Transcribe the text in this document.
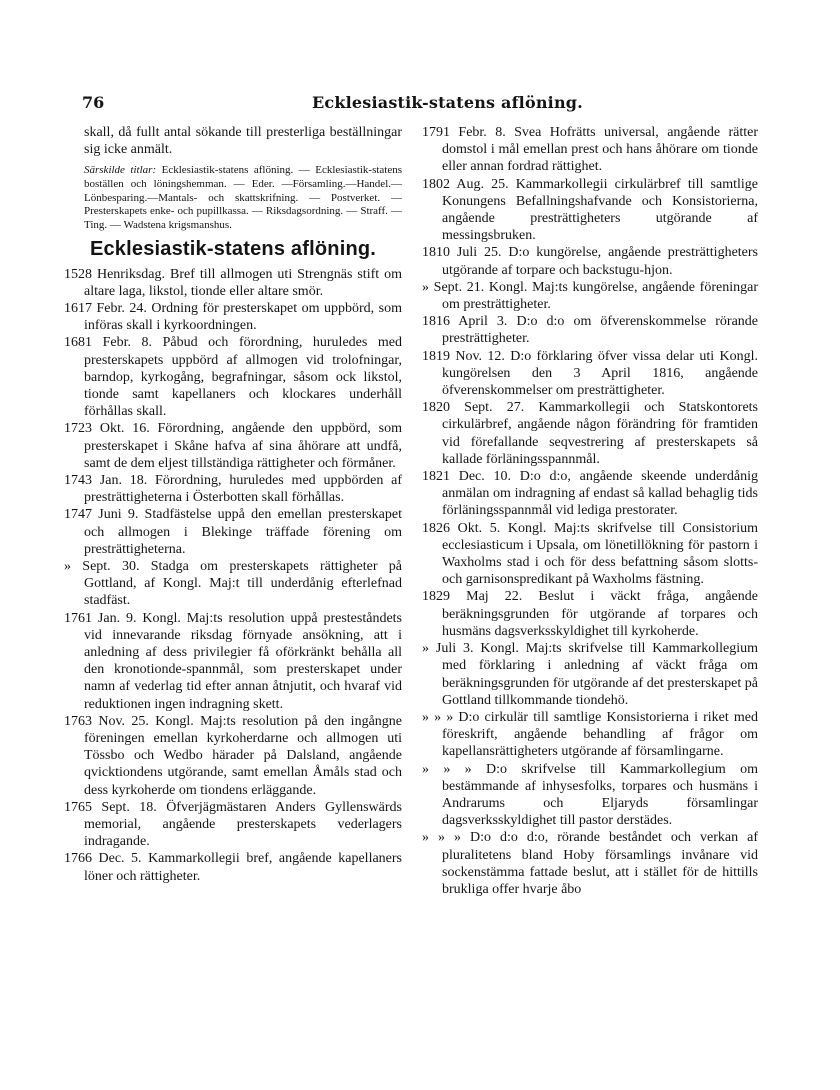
76	Ecklesiastik-statens aflöning.

skall, då fullt antal sökande till presterliga beställningar sig icke anmält.

Särskilde titlar: Ecklesiastik-statens aflöning. — Ecklesiastik-statens boställen och löningshemman. — Eder. —Församling.—Handel.—Lönbesparing.—Mantals- och skattskrifning. — Postverket. — Presterskapets enke- och pupillkassa. — Riksdagsordning. — Straff. — Ting. — Wadstena krigsmanshus.

Ecklesiastik-statens aflöning.

1528 Henriksdag. Bref till allmogen uti Strengnäs stift om altare laga, likstol, tionde eller altare smör.

1617 Febr. 24. Ordning för presterskapet om uppbörd, som införas skall i kyrkoordningen.

1681 Febr. 8. Påbud och förordning, huruledes med presterskapets uppbörd af allmogen vid trolofningar, barndop, kyrkogång, begrafningar, såsom ock likstol, tionde samt kapellaners och klockares underhåll förhållas skall.

1723 Okt. 16. Förordning, angående den uppbörd, som presterskapet i Skåne hafva af sina åhörare att undfå, samt de dem eljest tillständiga rättigheter och förmåner.

1743 Jan. 18. Förordning, huruledes med uppbörden af presträttigheterna i Österbotten skall förhållas.

1747 Juni 9. Stadfästelse uppå den emellan presterskapet och allmogen i Blekinge träffade förening om presträttigheterna.

» Sept. 30. Stadga om presterskapets rättigheter på Gottland, af Kongl. Maj:t till underdånig efterlefnad stadfäst.

1761 Jan. 9. Kongl. Maj:ts resolution uppå presteståndets vid innevarande riksdag förnyade ansökning, att i anledning af dess privilegier få oförkränkt behålla all den kronotionde-spannmål, som presterskapet under namn af vederlag tid efter annan åtnjutit, och hvaraf vid reduktionen ingen indragning skett.

1763 Nov. 25. Kongl. Maj:ts resolution på den ingångne föreningen emellan kyrkoherdarne och allmogen uti Tössbo och Wedbo härader på Dalsland, angående qvicktiondens utgörande, samt emellan Åmåls stad och dess kyrkoherde om tiondens erläggande.

1765 Sept. 18. Öfverjägmästaren Anders Gyllenswärds memorial, angående presterskapets vederlagers indragande.

1766 Dec. 5. Kammarkollegii bref, angående kapellaners löner och rättigheter.

1791 Febr. 8. Svea Hofrätts universal, angående rätter domstol i mål emellan prest och hans åhörare om tionde eller annan fordrad rättighet.

1802 Aug. 25. Kammarkollegii cirkulärbref till samtlige Konungens Befallningshafvande och Konsistorierna, angående presträttigheters utgörande af messingsbruken.

1810 Juli 25. D:o kungörelse, angående presträttigheters utgörande af torpare och backstugu-hjon.

» Sept. 21. Kongl. Maj:ts kungörelse, angående föreningar om presträttigheter.

1816 April 3. D:o d:o om öfverenskommelse rörande presträttigheter.

1819 Nov. 12. D:o förklaring öfver vissa delar uti Kongl. kungörelsen den 3 April 1816, angående öfverenskommelser om presträttigheter.

1820 Sept. 27. Kammarkollegii och Statskontorets cirkulärbref, angående någon förändring för framtiden vid förefallande seqvestrering af presterskapets så kallade förläningsspannmål.

1821 Dec. 10. D:o d:o, angående skeende underdånig anmälan om indragning af endast så kallad behaglig tids förläningsspannmål vid lediga prestorater.

1826 Okt. 5. Kongl. Maj:ts skrifvelse till Consistorium ecclesiasticum i Upsala, om lönetillökning för pastorn i Waxholms stad i och för dess befattning såsom slotts- och garnisonspredikant på Waxholms fästning.

1829 Maj 22. Beslut i väckt fråga, angående beräkningsgrunden för utgörande af torpares och husmäns dagsverksskyldighet till kyrkoherde.

» Juli 3. Kongl. Maj:ts skrifvelse till Kammarkollegium med förklaring i anledning af väckt fråga om beräkningsgrunden för utgörande af det presterskapet på Gottland tillkommande tiondehö.

» » » D:o cirkulär till samtlige Konsistorierna i riket med föreskrift, angående behandling af frågor om kapellansrättigheters utgörande af församlingarne.

» » » D:o skrifvelse till Kammarkollegium om bestämmande af inhysesfolks, torpares och husmäns i Andrarums och Eljaryds församlingar dagsverksskyldighet till pastor derstädes.

» » » D:o d:o d:o, rörande beståndet och verkan af pluralitetens bland Hoby församlings invånare vid sockenstämma fattade beslut, att i stället för de hittills brukliga offer hvarje åbo
